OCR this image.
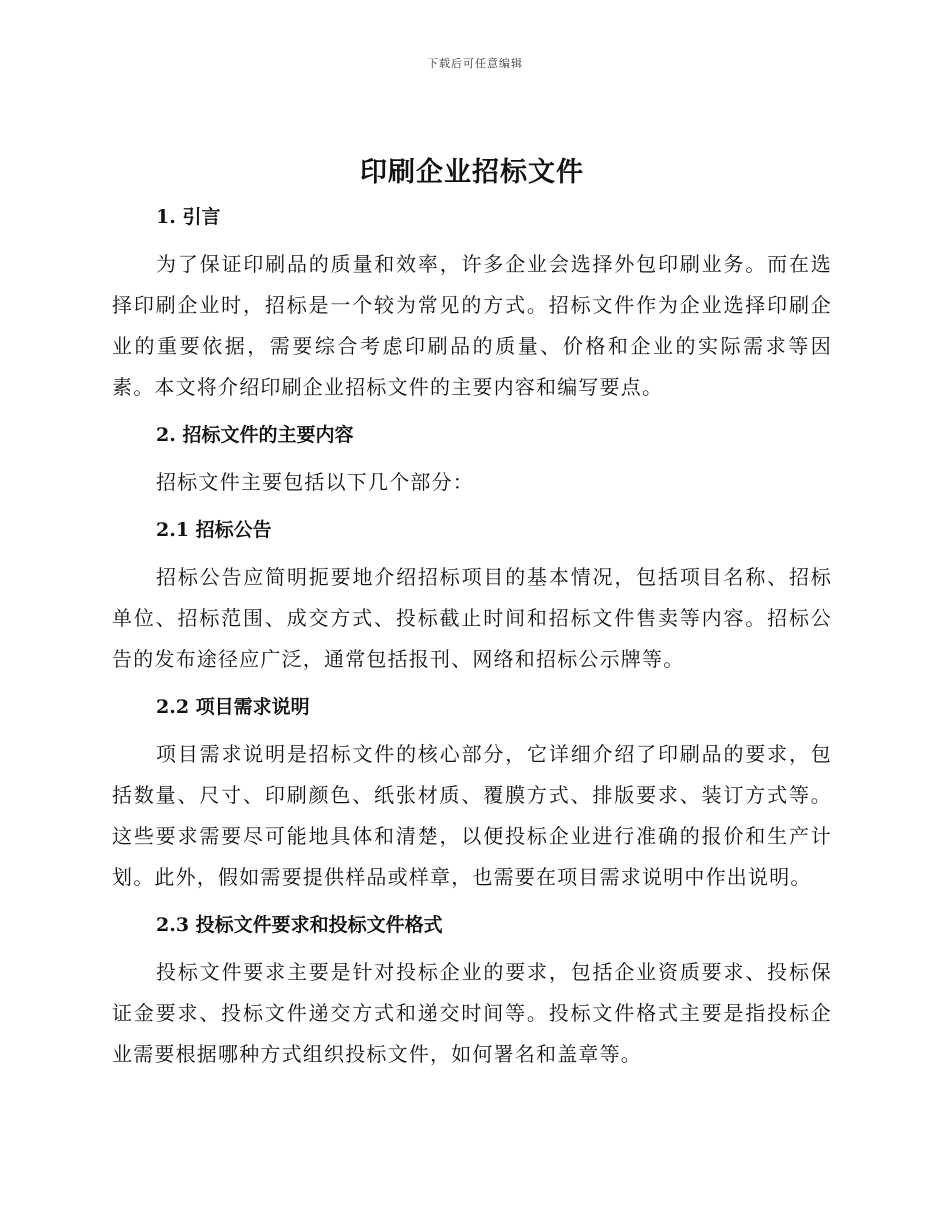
下载后可任意编辑
印刷企业招标文件
1. 引言

为了保证印刷品的质量和效率，许多企业会选择外包印刷业务。而在选择印刷企业时，招标是一个较为常见的方式。招标文件作为企业选择印刷企业的重要依据，需要综合考虑印刷品的质量、价格和企业的实际需求等因素。本文将介绍印刷企业招标文件的主要内容和编写要点。

2. 招标文件的主要内容

招标文件主要包括以下几个部分：

2.1 招标公告

招标公告应简明扼要地介绍招标项目的基本情况，包括项目名称、招标单位、招标范围、成交方式、投标截止时间和招标文件售卖等内容。招标公告的发布途径应广泛，通常包括报刊、网络和招标公示牌等。

2.2 项目需求说明

项目需求说明是招标文件的核心部分，它详细介绍了印刷品的要求，包括数量、尺寸、印刷颜色、纸张材质、覆膜方式、排版要求、装订方式等。这些要求需要尽可能地具体和清楚，以便投标企业进行准确的报价和生产计划。此外，假如需要提供样品或样章，也需要在项目需求说明中作出说明。

2.3 投标文件要求和投标文件格式

投标文件要求主要是针对投标企业的要求，包括企业资质要求、投标保证金要求、投标文件递交方式和递交时间等。投标文件格式主要是指投标企业需要根据哪种方式组织投标文件，如何署名和盖章等。
